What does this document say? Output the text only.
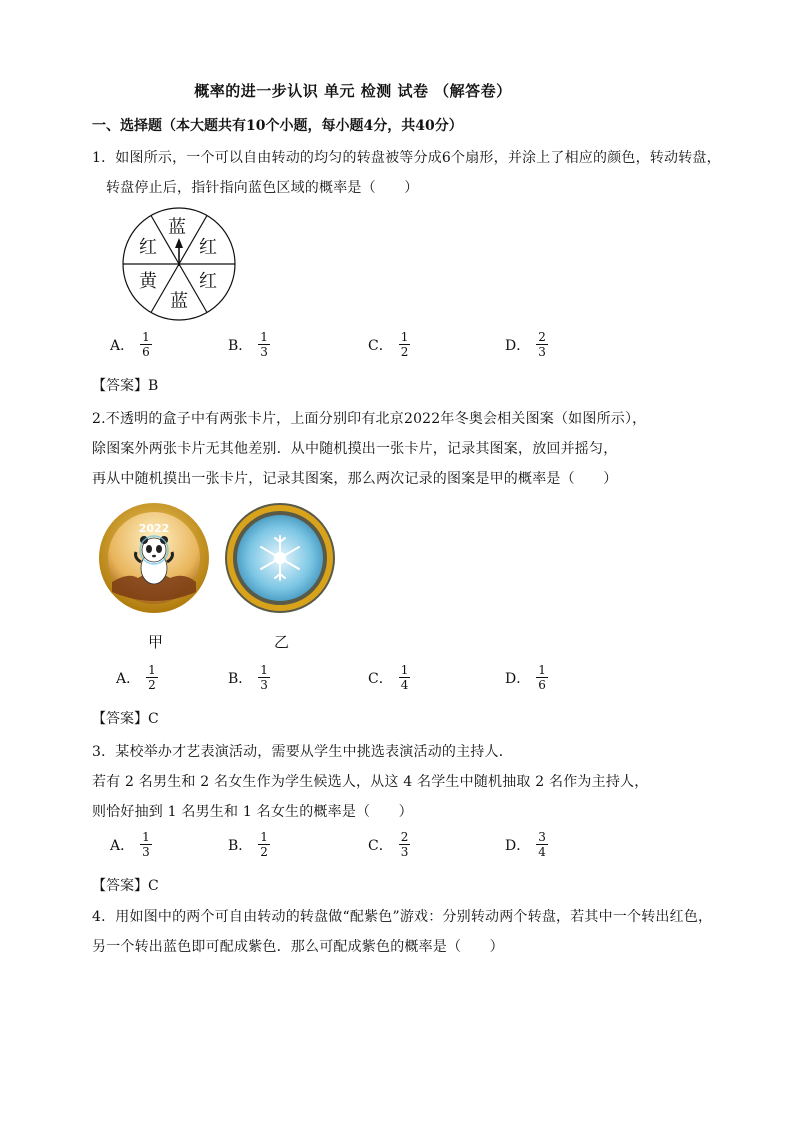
概率的进一步认识 单元 检测 试卷 （解答卷）
一、选择题（本大题共有10个小题，每小题4分，共40分）
1．如图所示，一个可以自由转动的均匀的转盘被等分成6个扇形，并涂上了相应的颜色，转动转盘，
转盘停止后，指针指向蓝色区域的概率是（　　）
蓝
红
红
蓝
黄
红
A． $\frac{1}{6}$	B． $\frac{1}{3}$	C． $\frac{1}{2}$	D． $\frac{2}{3}$
【答案】B
2.不透明的盒子中有两张卡片，上面分别印有北京2022年冬奥会相关图案（如图所示），
除图案外两张卡片无其他差别．从中随机摸出一张卡片，记录其图案，放回并摇匀，
再从中随机摸出一张卡片，记录其图案，那么两次记录的图案是甲的概率是（　　）
2022
甲	乙
A． $\frac{1}{2}$	B． $\frac{1}{3}$	C． $\frac{1}{4}$	D． $\frac{1}{6}$
【答案】C
3．某校举办才艺表演活动，需要从学生中挑选表演活动的主持人．
若有 2 名男生和 2 名女生作为学生候选人，从这 4 名学生中随机抽取 2 名作为主持人，
则恰好抽到 1 名男生和 1 名女生的概率是（　　）
A． $\frac{1}{3}$	B． $\frac{1}{2}$	C． $\frac{2}{3}$	D． $\frac{3}{4}$
【答案】C
4．用如图中的两个可自由转动的转盘做“配紫色”游戏：分别转动两个转盘，若其中一个转出红色，
另一个转出蓝色即可配成紫色．那么可配成紫色的概率是（　　）
